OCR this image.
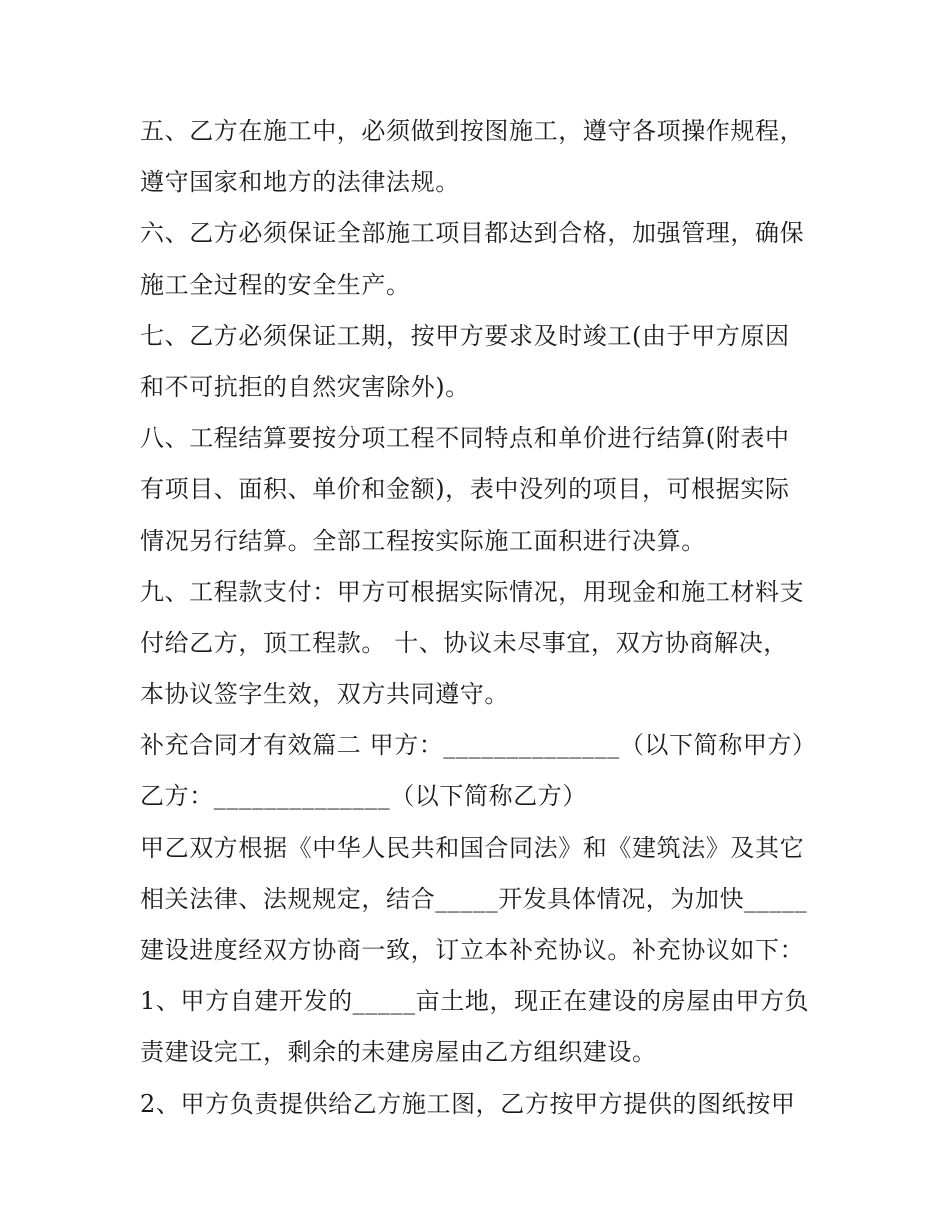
五、乙方在施工中，必须做到按图施工，遵守各项操作规程，
遵守国家和地方的法律法规。
六、乙方必须保证全部施工项目都达到合格，加强管理，确保
施工全过程的安全生产。
七、乙方必须保证工期，按甲方要求及时竣工(由于甲方原因
和不可抗拒的自然灾害除外)。
八、工程结算要按分项工程不同特点和单价进行结算(附表中
有项目、面积、单价和金额)，表中没列的项目，可根据实际
情况另行结算。全部工程按实际施工面积进行决算。
九、工程款支付：甲方可根据实际情况，用现金和施工材料支
付给乙方，顶工程款。 十、协议未尽事宜，双方协商解决，
本协议签字生效，双方共同遵守。
补充合同才有效篇二 甲方：______________（以下简称甲方）
乙方：______________（以下简称乙方）
甲乙双方根据《中华人民共和国合同法》和《建筑法》及其它
相关法律、法规规定，结合_____开发具体情况，为加快_____
建设进度经双方协商一致，订立本补充协议。补充协议如下：
1、甲方自建开发的_____亩土地，现正在建设的房屋由甲方负
责建设完工，剩余的未建房屋由乙方组织建设。
2、甲方负责提供给乙方施工图，乙方按甲方提供的图纸按甲
